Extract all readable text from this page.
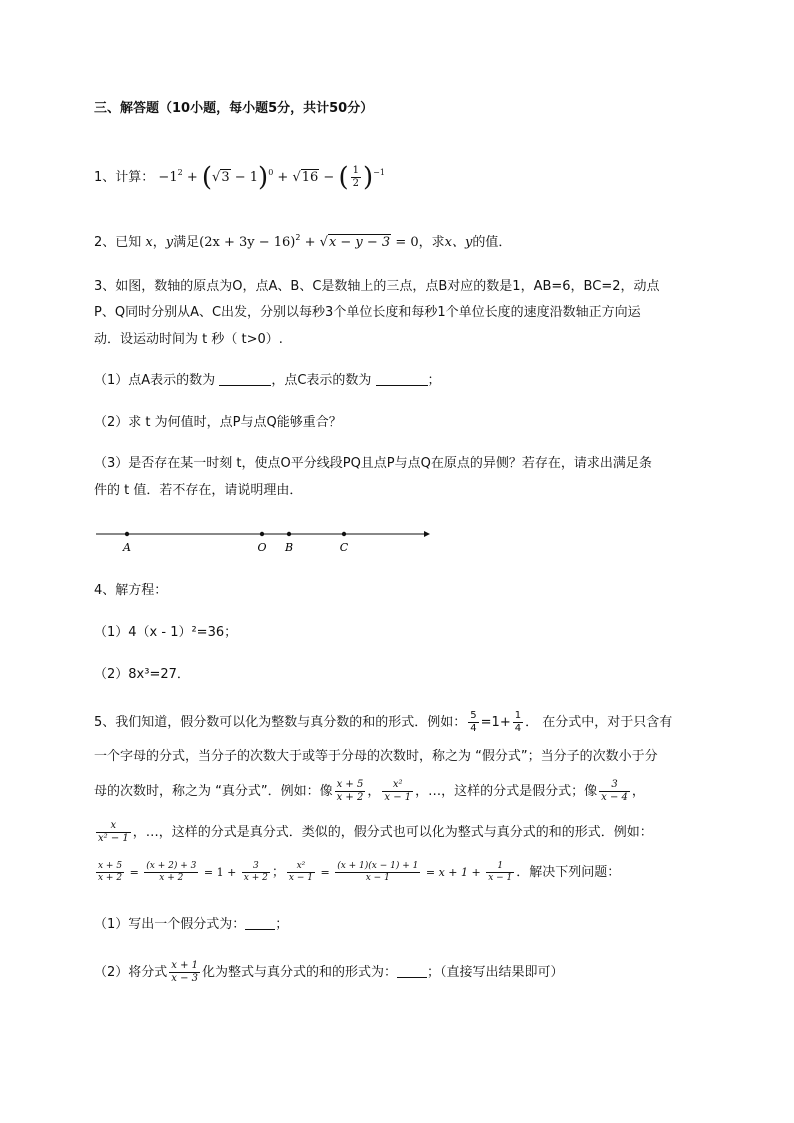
三、解答题（10小题，每小题5分，共计50分）
1、计算： $-1^2 + (√3 - 1)^0 + √16$ − ( $\frac{1}{2} )^{-1}$
2、已知 x，y满足$(2x + 3y - 16)^2 + √x - y - 3 = 0$，求x、y的值．
3、如图，数轴的原点为O，点A、B、C是数轴上的三点，点B对应的数是1，AB=6，BC=2，动点
P、Q同时分别从A、C出发，分别以每秒3个单位长度和每秒1个单位长度的速度沿数轴正方向运
动．设运动时间为 t 秒（ t>0）.
（1）点A表示的数为	，点C表示的数为	；
（2）求 t 为何值时，点P与点Q能够重合？
（3）是否存在某一时刻 t，使点O平分线段PQ且点P与点Q在原点的异侧？若存在，请求出满足条
件的 t 值．若不存在，请说明理由．
A	O B	C
4、解方程：
（1）4（x - 1）²=36；
（2）8x³=27．
5、我们知道，假分数可以化为整数与真分数的和的形式．例如： $\frac{5}{4} =1+ \frac{1}{4}$ ． 在分式中，对于只含有
一个字母的分式，当分子的次数大于或等于分母的次数时，称之为 “假分式”；当分子的次数小于分
母的次数时，称之为 “真分式”．例如：像 $\frac{x + 5}{x + 2}$ ， $\frac{\text{x²}}{x - 1}$ ，…，这样的分式是假分式；像 $\frac{3}{x - 4}$ ，
$\frac{x}{\text{x² − 1}}$ ，…，这样的分式是真分式．类似的，假分式也可以化为整式与真分式的和的形式．例如：
$\frac{x + 5}{x + 2} = \frac{(x + 2) + 3}{x + 2} = 1 + \frac{3}{x + 2}$ ； $\frac{\text{x²}}{x - 1} = \frac{(x + 1)(x - 1) + 1}{x - 1} = x + 1 + \frac{1}{x - 1}$ ．解决下列问题：
（1）写出一个假分式为： ；
（2）将分式 $\frac{x + 1}{x - 3}$ 化为整式与真分式的和的形式为： ；（直接写出结果即可）
